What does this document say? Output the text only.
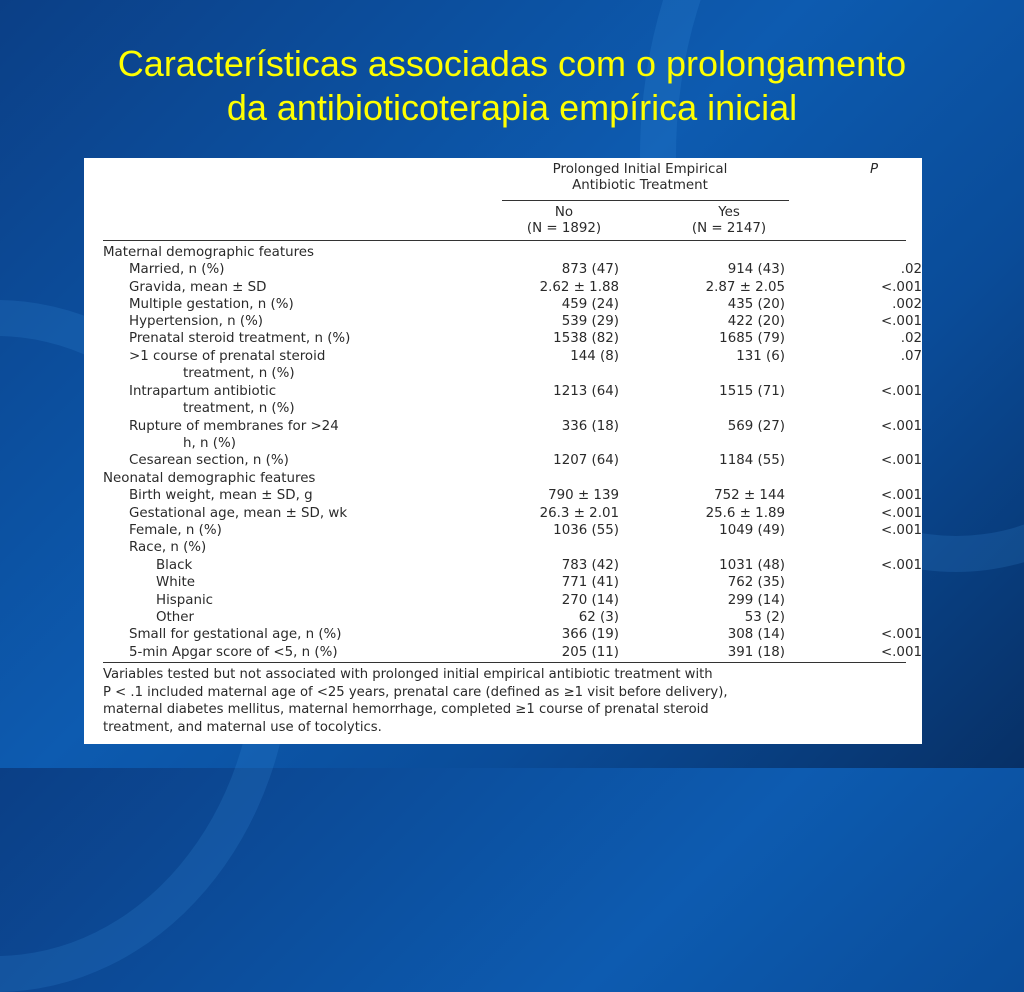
Características associadas com o prolongamento
da antibioticoterapia empírica inicial
Prolonged Initial Empirical
Antibiotic Treatment
P
No
(N = 1892)
Yes
(N = 2147)
Maternal demographic features
Married, n (%)	873 (47)	914 (43)	.02
Gravida, mean ± SD	2.62 ± 1.88	2.87 ± 2.05	<.001
Multiple gestation, n (%)	459 (24)	435 (20)	.002
Hypertension, n (%)	539 (29)	422 (20)	<.001
Prenatal steroid treatment, n (%)	1538 (82)	1685 (79)	.02
>1 course of prenatal steroid	144 (8)	131 (6)	.07
treatment, n (%)
Intrapartum antibiotic	1213 (64)	1515 (71)	<.001
treatment, n (%)
Rupture of membranes for >24	336 (18)	569 (27)	<.001
h, n (%)
Cesarean section, n (%)	1207 (64)	1184 (55)	<.001
Neonatal demographic features
Birth weight, mean ± SD, g	790 ± 139	752 ± 144	<.001
Gestational age, mean ± SD, wk	26.3 ± 2.01	25.6 ± 1.89	<.001
Female, n (%)	1036 (55)	1049 (49)	<.001
Race, n (%)
Black	783 (42)	1031 (48)	<.001
White	771 (41)	762 (35)
Hispanic	270 (14)	299 (14)
Other	62 (3)	53 (2)
Small for gestational age, n (%)	366 (19)	308 (14)	<.001
5-min Apgar score of <5, n (%)	205 (11)	391 (18)	<.001
Variables tested but not associated with prolonged initial empirical antibiotic treatment with
P < .1 included maternal age of <25 years, prenatal care (defined as ≥1 visit before delivery),
maternal diabetes mellitus, maternal hemorrhage, completed ≥1 course of prenatal steroid
treatment, and maternal use of tocolytics.
